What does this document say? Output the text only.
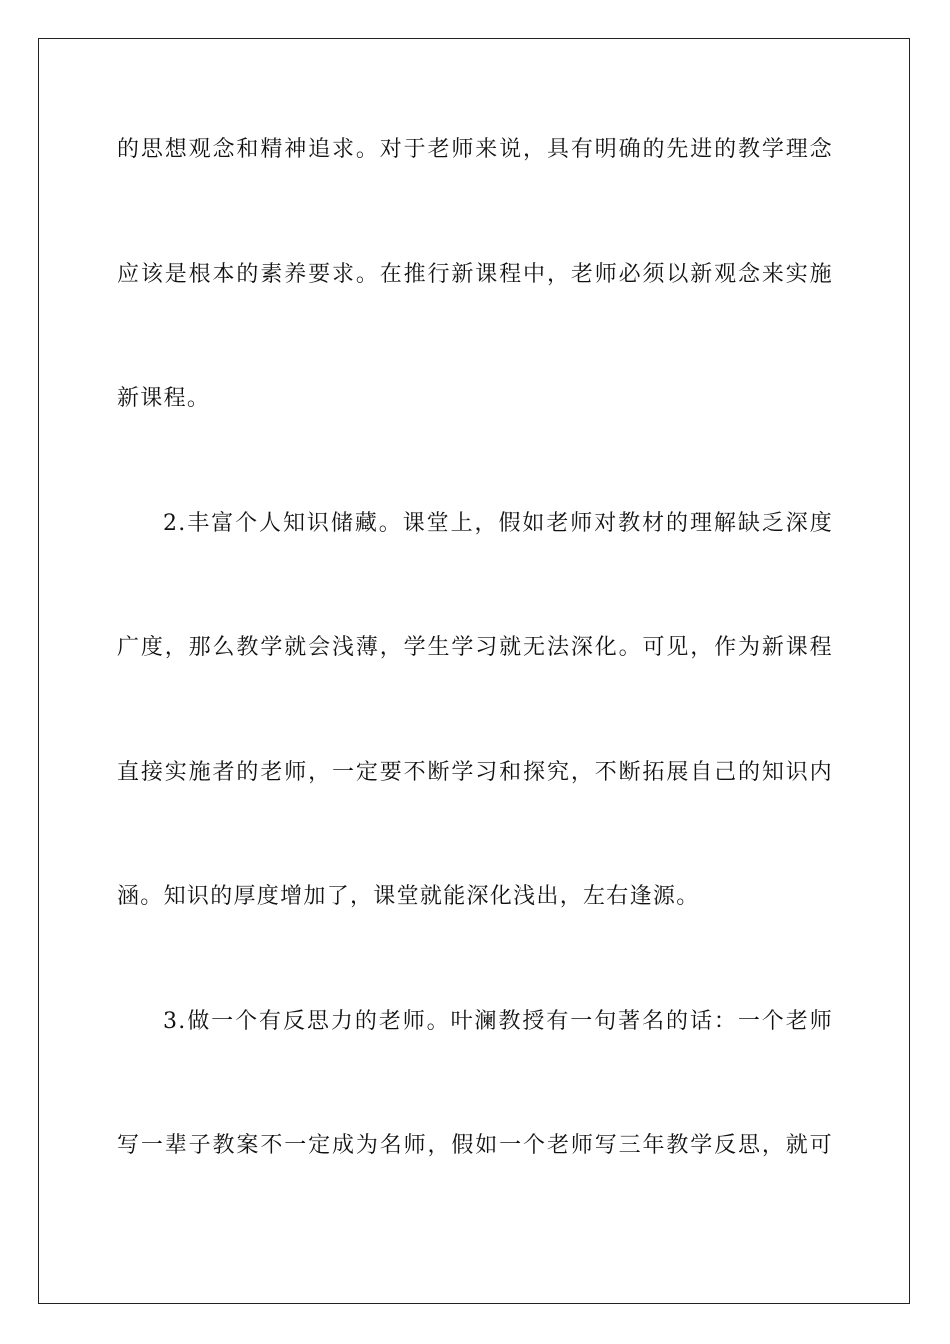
的思想观念和精神追求。对于老师来说，具有明确的先进的教学理念
应该是根本的素养要求。在推行新课程中，老师必须以新观念来实施
新课程。
2.丰富个人知识储藏。课堂上，假如老师对教材的理解缺乏深度
广度，那么教学就会浅薄，学生学习就无法深化。可见，作为新课程
直接实施者的老师，一定要不断学习和探究，不断拓展自己的知识内
涵。知识的厚度增加了，课堂就能深化浅出，左右逢源。
3.做一个有反思力的老师。叶澜教授有一句著名的话：一个老师
写一辈子教案不一定成为名师，假如一个老师写三年教学反思，就可
